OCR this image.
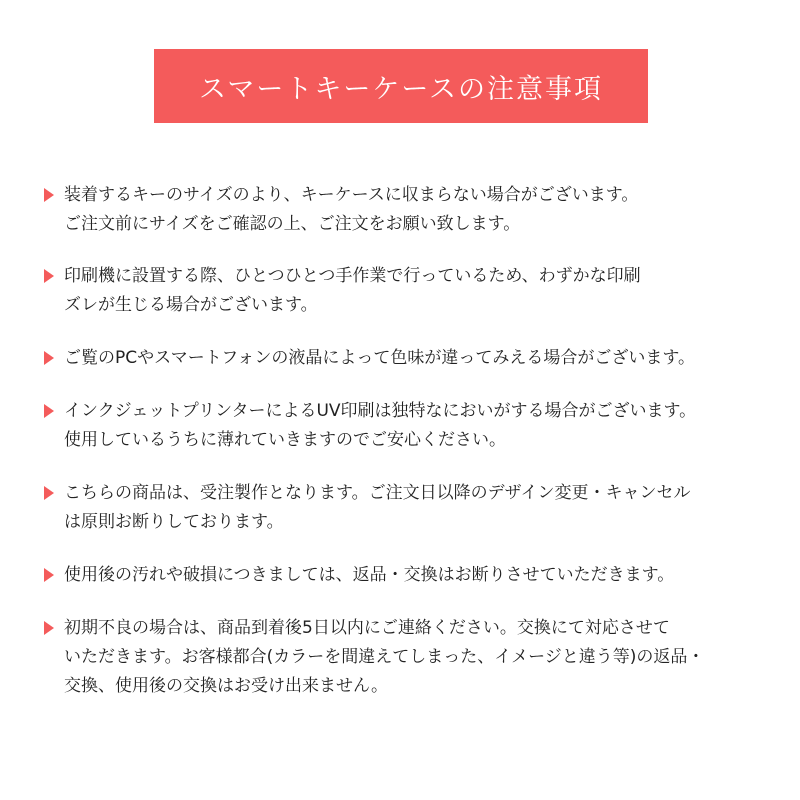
スマートキーケースの注意事項
装着するキーのサイズのより、キーケースに収まらない場合がございます。
ご注文前にサイズをご確認の上、ご注文をお願い致します。
印刷機に設置する際、ひとつひとつ手作業で行っているため、わずかな印刷
ズレが生じる場合がございます。
ご覧のPCやスマートフォンの液晶によって色味が違ってみえる場合がございます。
インクジェットプリンターによるUV印刷は独特なにおいがする場合がございます。
使用しているうちに薄れていきますのでご安心ください。
こちらの商品は、受注製作となります。ご注文日以降のデザイン変更・キャンセル
は原則お断りしております。
使用後の汚れや破損につきましては、返品・交換はお断りさせていただきます。
初期不良の場合は、商品到着後5日以内にご連絡ください。交換にて対応させて
いただきます。お客様都合(カラーを間違えてしまった、イメージと違う等)の返品・
交換、使用後の交換はお受け出来ません。
